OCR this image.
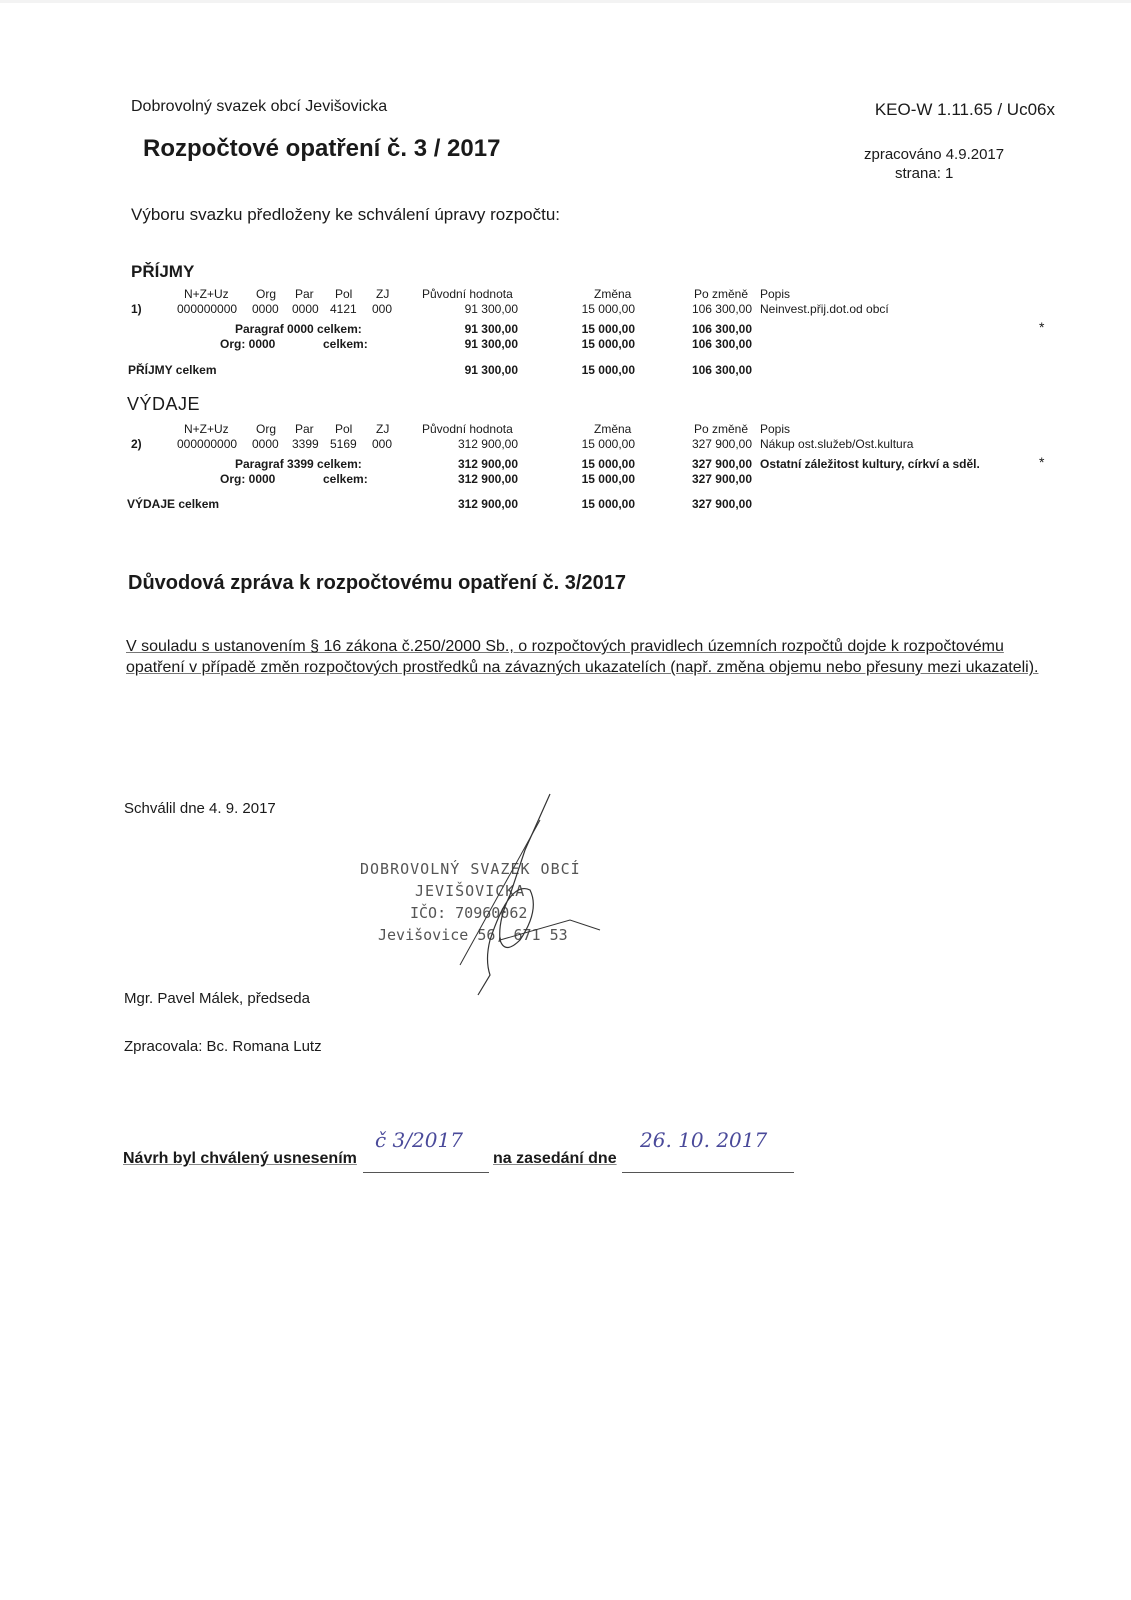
Dobrovolný svazek obcí Jevišovicka	KEO-W 1.11.65 / Uc06x
Rozpočtové opatření č. 3 / 2017	zpracováno 4.9.2017
strana: 1
Výboru svazku předloženy ke schválení úpravy rozpočtu:
PŘÍJMY
N+Z+Uz Org Par Pol ZJ	Původní hodnota	Změna	Po změně Popis
1)	000000000 0000 0000 4121 000	91 300,00	15 000,00	106 300,00 Neinvest.přij.dot.od obcí
Paragraf 0000 celkem:	91 300,00	15 000,00	106 300,00	*
Org: 0000	celkem:	91 300,00	15 000,00	106 300,00
PŘÍJMY celkem	91 300,00	15 000,00	106 300,00
VÝDAJE
N+Z+Uz Org Par Pol ZJ	Původní hodnota	Změna	Po změně Popis
2)	000000000 0000 3399 5169 000	312 900,00	15 000,00	327 900,00 Nákup ost.služeb/Ost.kultura
Paragraf 3399 celkem:	312 900,00	15 000,00	327 900,00 Ostatní záležitost kultury, církví a sděl.	*
Org: 0000	celkem:	312 900,00	15 000,00	327 900,00
VÝDAJE celkem	312 900,00	15 000,00	327 900,00
Důvodová zpráva k rozpočtovému opatření č. 3/2017
V souladu s ustanovením § 16 zákona č.250/2000 Sb., o rozpočtových pravidlech územních rozpočtů dojde k rozpočtovému opatření v případě změn rozpočtových prostředků na závazných ukazatelích (např. změna objemu nebo přesuny mezi ukazateli).
Schválil dne 4. 9. 2017
DOBROVOLNÝ SVAZEK OBCÍ
JEVIŠOVICKA
IČO: 70960062
Jevišovice 56, 671 53
Mgr. Pavel Málek, předseda
Zpracovala: Bc. Romana Lutz
Návrh byl chválený usnesením
č 3/2017
na zasedání dne
26. 10. 2017
